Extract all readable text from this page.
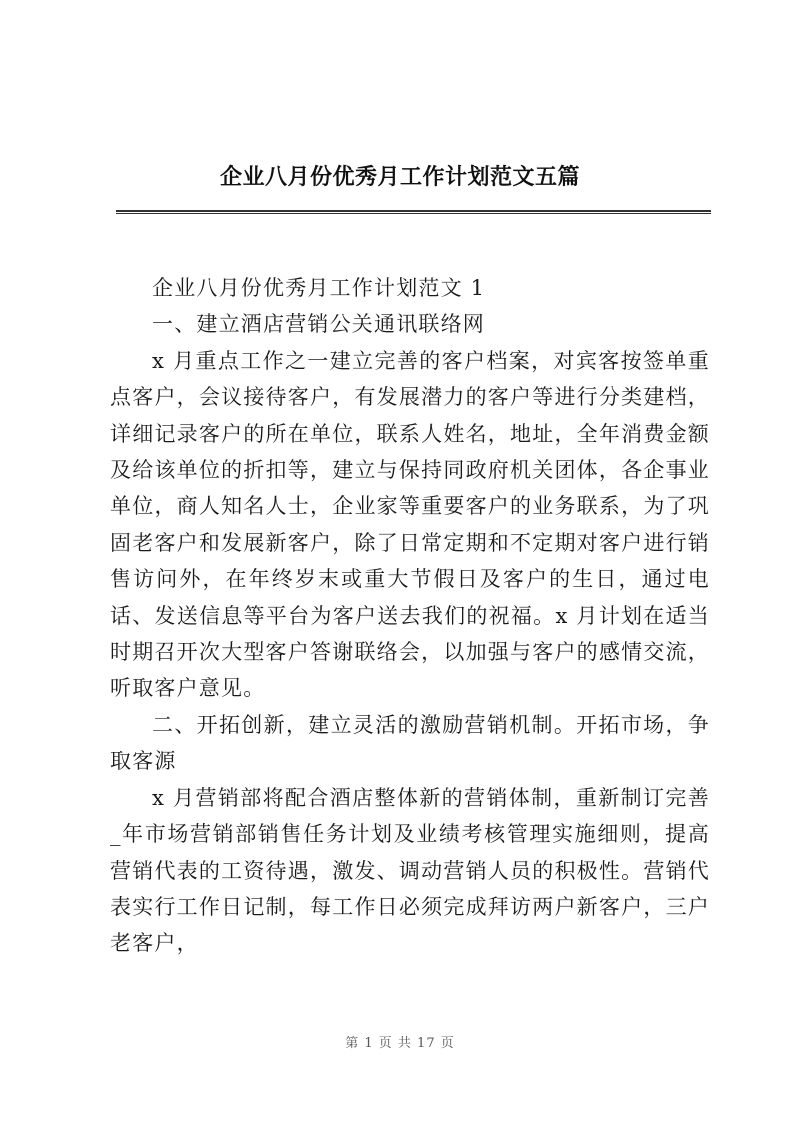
企业八月份优秀月工作计划范文五篇

企业八月份优秀月工作计划范文 1

一、建立酒店营销公关通讯联络网

x 月重点工作之一建立完善的客户档案，对宾客按签单重点客户，会议接待客户，有发展潜力的客户等进行分类建档，详细记录客户的所在单位，联系人姓名，地址，全年消费金额及给该单位的折扣等，建立与保持同政府机关团体，各企事业单位，商人知名人士，企业家等重要客户的业务联系，为了巩固老客户和发展新客户，除了日常定期和不定期对客户进行销售访问外，在年终岁末或重大节假日及客户的生日，通过电话、发送信息等平台为客户送去我们的祝福。x 月计划在适当时期召开次大型客户答谢联络会，以加强与客户的感情交流，听取客户意见。

二、开拓创新，建立灵活的激励营销机制。开拓市场，争取客源

x 月营销部将配合酒店整体新的营销体制，重新制订完善_年市场营销部销售任务计划及业绩考核管理实施细则，提高营销代表的工资待遇，激发、调动营销人员的积极性。营销代表实行工作日记制，每工作日必须完成拜访两户新客户，三户老客户，

第 1 页 共 17 页
